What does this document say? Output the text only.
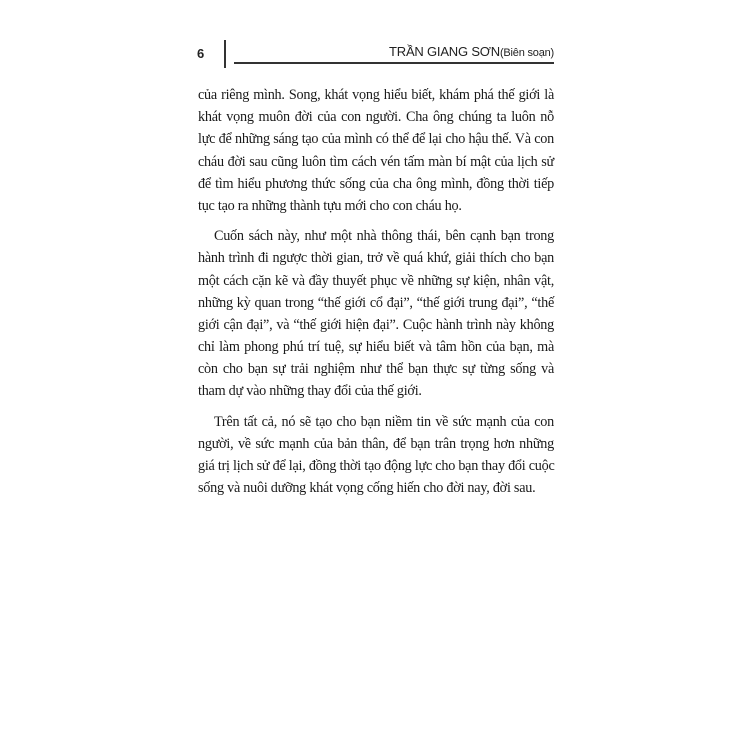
6	TRẦN GIANG SƠN(Biên soạn)
của riêng mình. Song, khát vọng hiểu biết, khám phá thế giới là
khát vọng muôn đời của con người. Cha ông chúng ta luôn nỗ
lực để những sáng tạo của mình có thể để lại cho hậu thế. Và con
cháu đời sau cũng luôn tìm cách vén tấm màn bí mật của lịch sử
để tìm hiểu phương thức sống của cha ông mình, đồng thời tiếp
tục tạo ra những thành tựu mới cho con cháu họ.
Cuốn sách này, như một nhà thông thái, bên cạnh bạn trong
hành trình đi ngược thời gian, trở về quá khứ, giải thích cho bạn
một cách cặn kẽ và đầy thuyết phục về những sự kiện, nhân vật,
những kỳ quan trong “thế giới cổ đại”, “thế giới trung đại”, “thế
giới cận đại”, và “thế giới hiện đại”. Cuộc hành trình này không
chỉ làm phong phú trí tuệ, sự hiểu biết và tâm hồn của bạn, mà
còn cho bạn sự trải nghiệm như thể bạn thực sự từng sống và
tham dự vào những thay đổi của thế giới.
Trên tất cả, nó sẽ tạo cho bạn niềm tin về sức mạnh của con
người, về sức mạnh của bản thân, để bạn trân trọng hơn những
giá trị lịch sử để lại, đồng thời tạo động lực cho bạn thay đổi cuộc
sống và nuôi dưỡng khát vọng cống hiến cho đời nay, đời sau.
